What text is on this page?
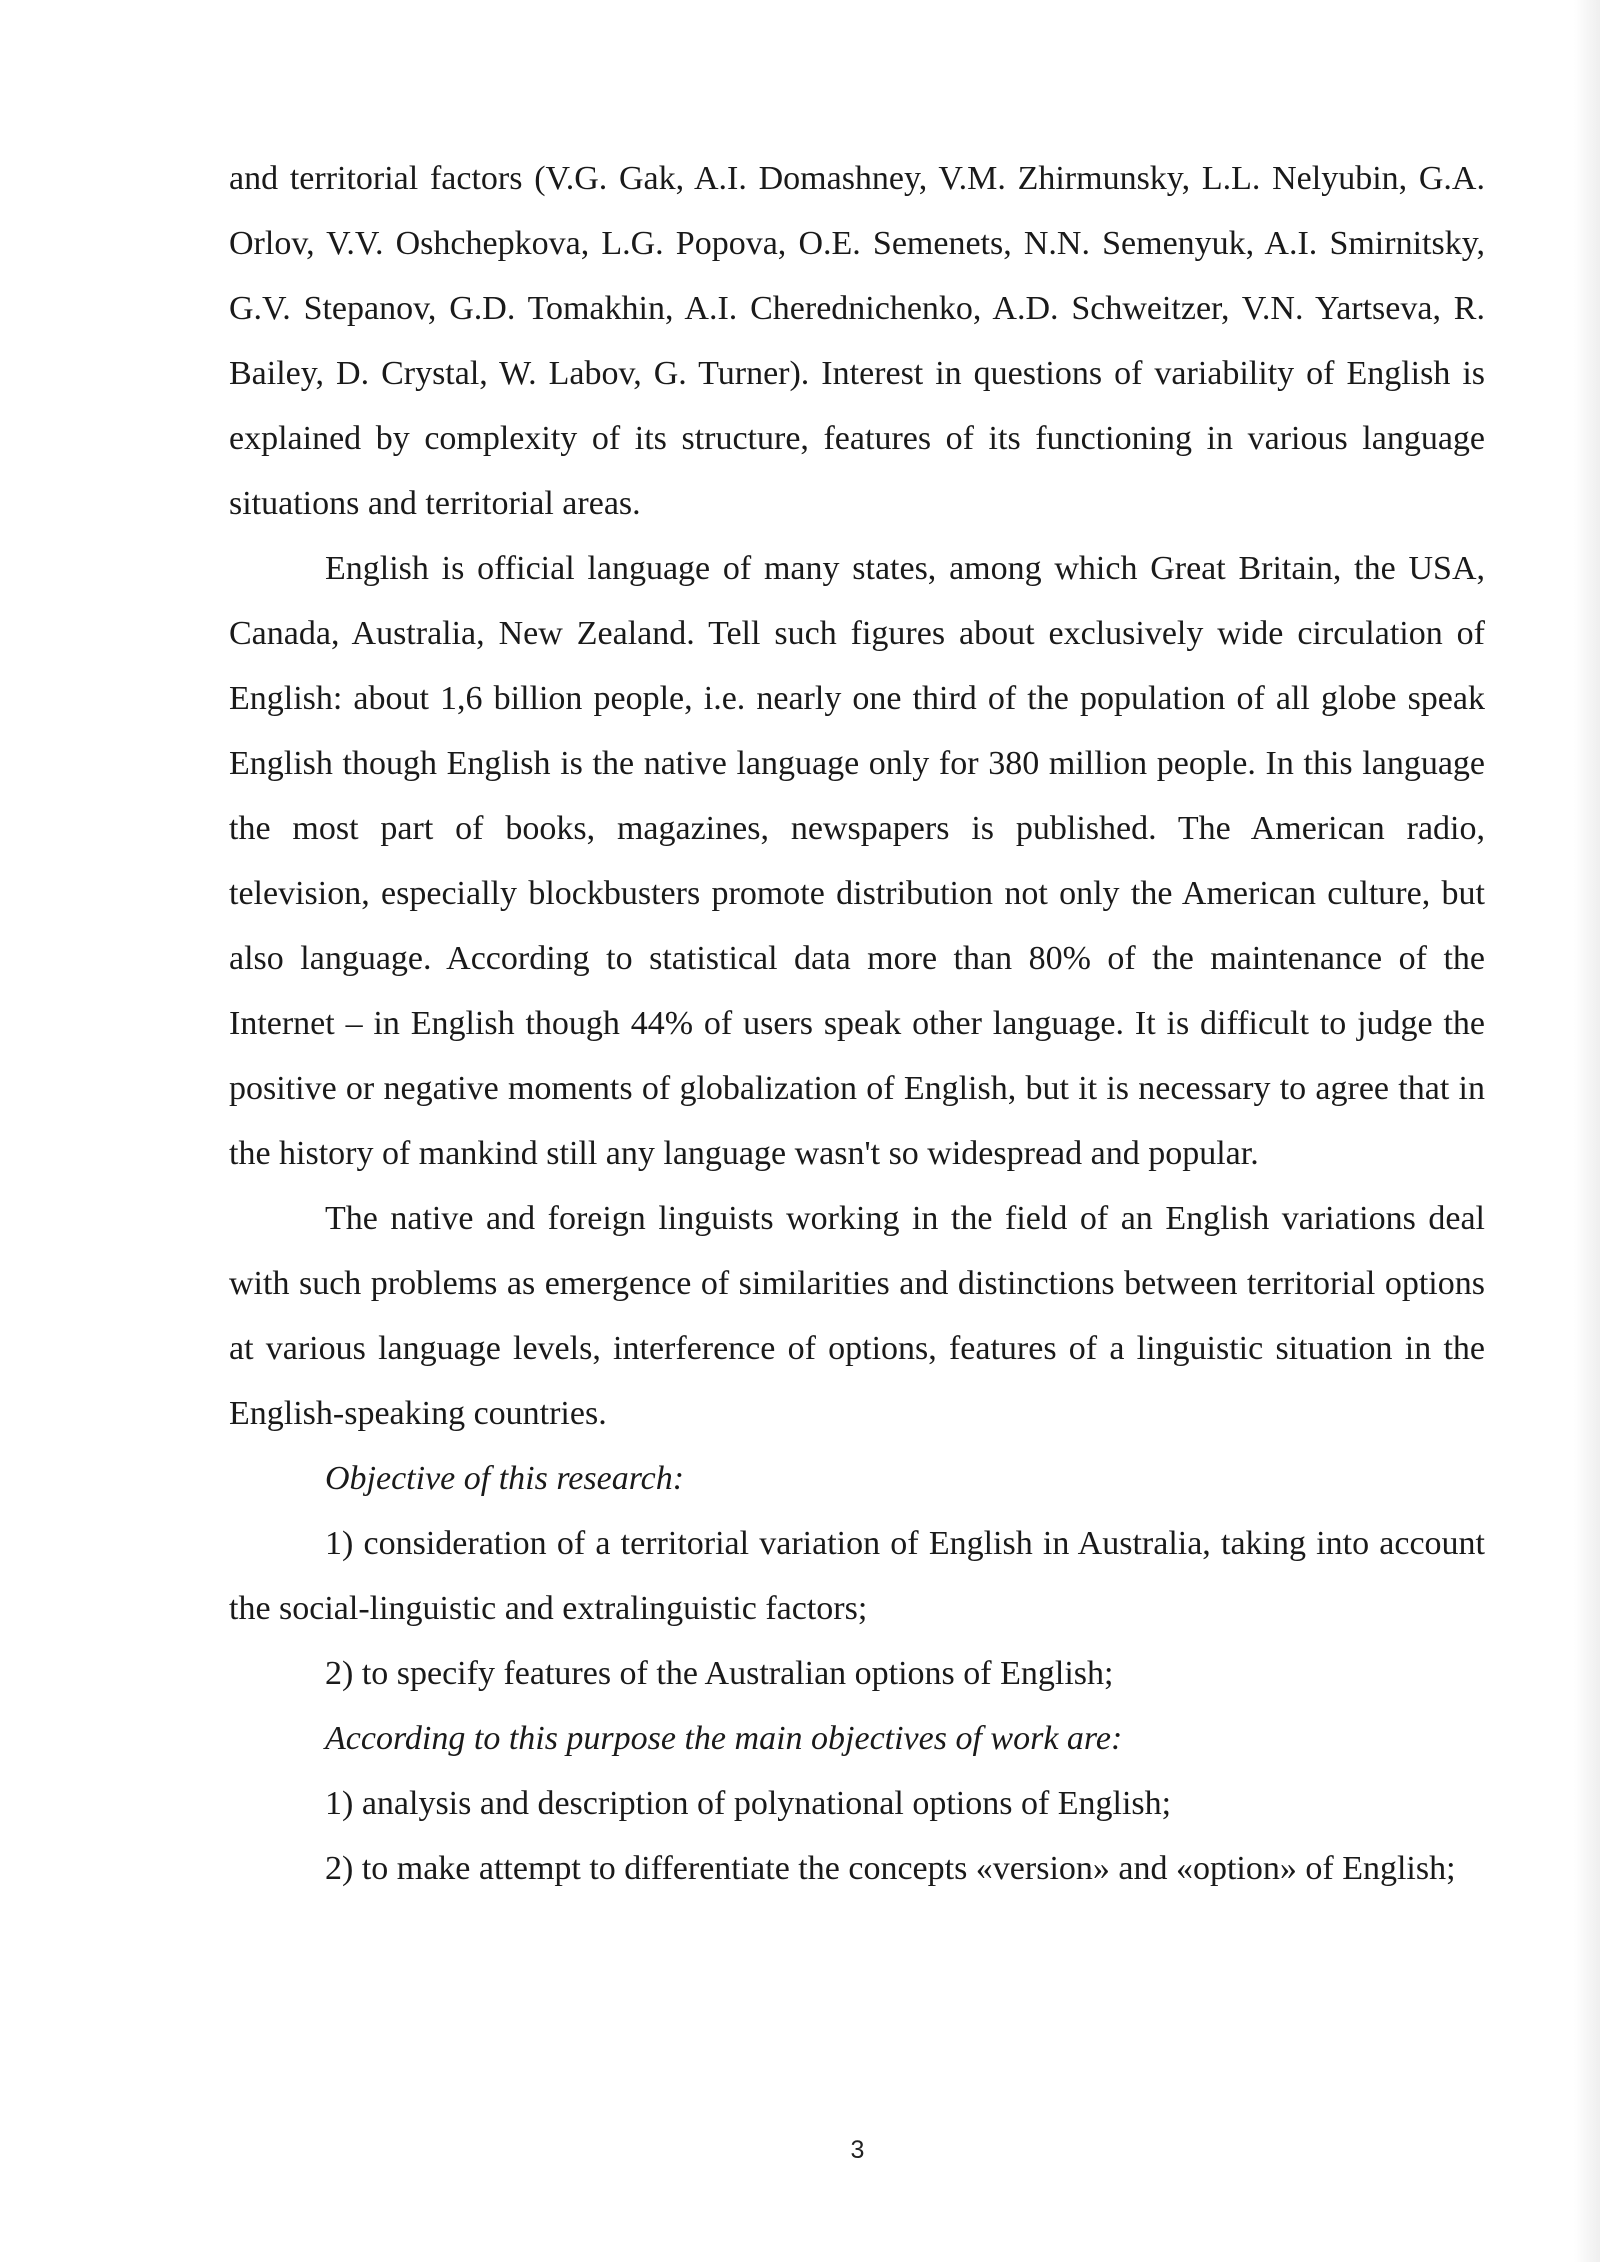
and territorial factors (V.G. Gak, A.I. Domashney, V.M. Zhirmunsky, L.L. Nelyubin, G.A. Orlov, V.V. Oshchepkova, L.G. Popova, O.E. Semenets, N.N. Semenyuk, A.I. Smirnitsky, G.V. Stepanov, G.D. Tomakhin, A.I. Cherednichenko, A.D. Schweitzer, V.N. Yartseva, R. Bailey, D. Crystal, W. Labov, G. Turner). Interest in questions of variability of English is explained by complexity of its structure, features of its functioning in various language situations and territorial areas.

English is official language of many states, among which Great Britain, the USA, Canada, Australia, New Zealand. Tell such figures about exclusively wide circulation of English: about 1,6 billion people, i.e. nearly one third of the population of all globe speak English though English is the native language only for 380 million people. In this language the most part of books, magazines, newspapers is published. The American radio, television, especially blockbusters promote distribution not only the American culture, but also language. According to statistical data more than 80% of the maintenance of the Internet – in English though 44% of users speak other language. It is difficult to judge the positive or negative moments of globalization of English, but it is necessary to agree that in the history of mankind still any language wasn't so widespread and popular.

The native and foreign linguists working in the field of an English variations deal with such problems as emergence of similarities and distinctions between territorial options at various language levels, interference of options, features of a linguistic situation in the English-speaking countries.

Objective of this research:

1) consideration of a territorial variation of English in Australia, taking into account the social-linguistic and extralinguistic factors;

2) to specify features of the Australian options of English;

According to this purpose the main objectives of work are:

1) analysis and description of polynational options of English;

2) to make attempt to differentiate the concepts «version» and «option» of English;

3
